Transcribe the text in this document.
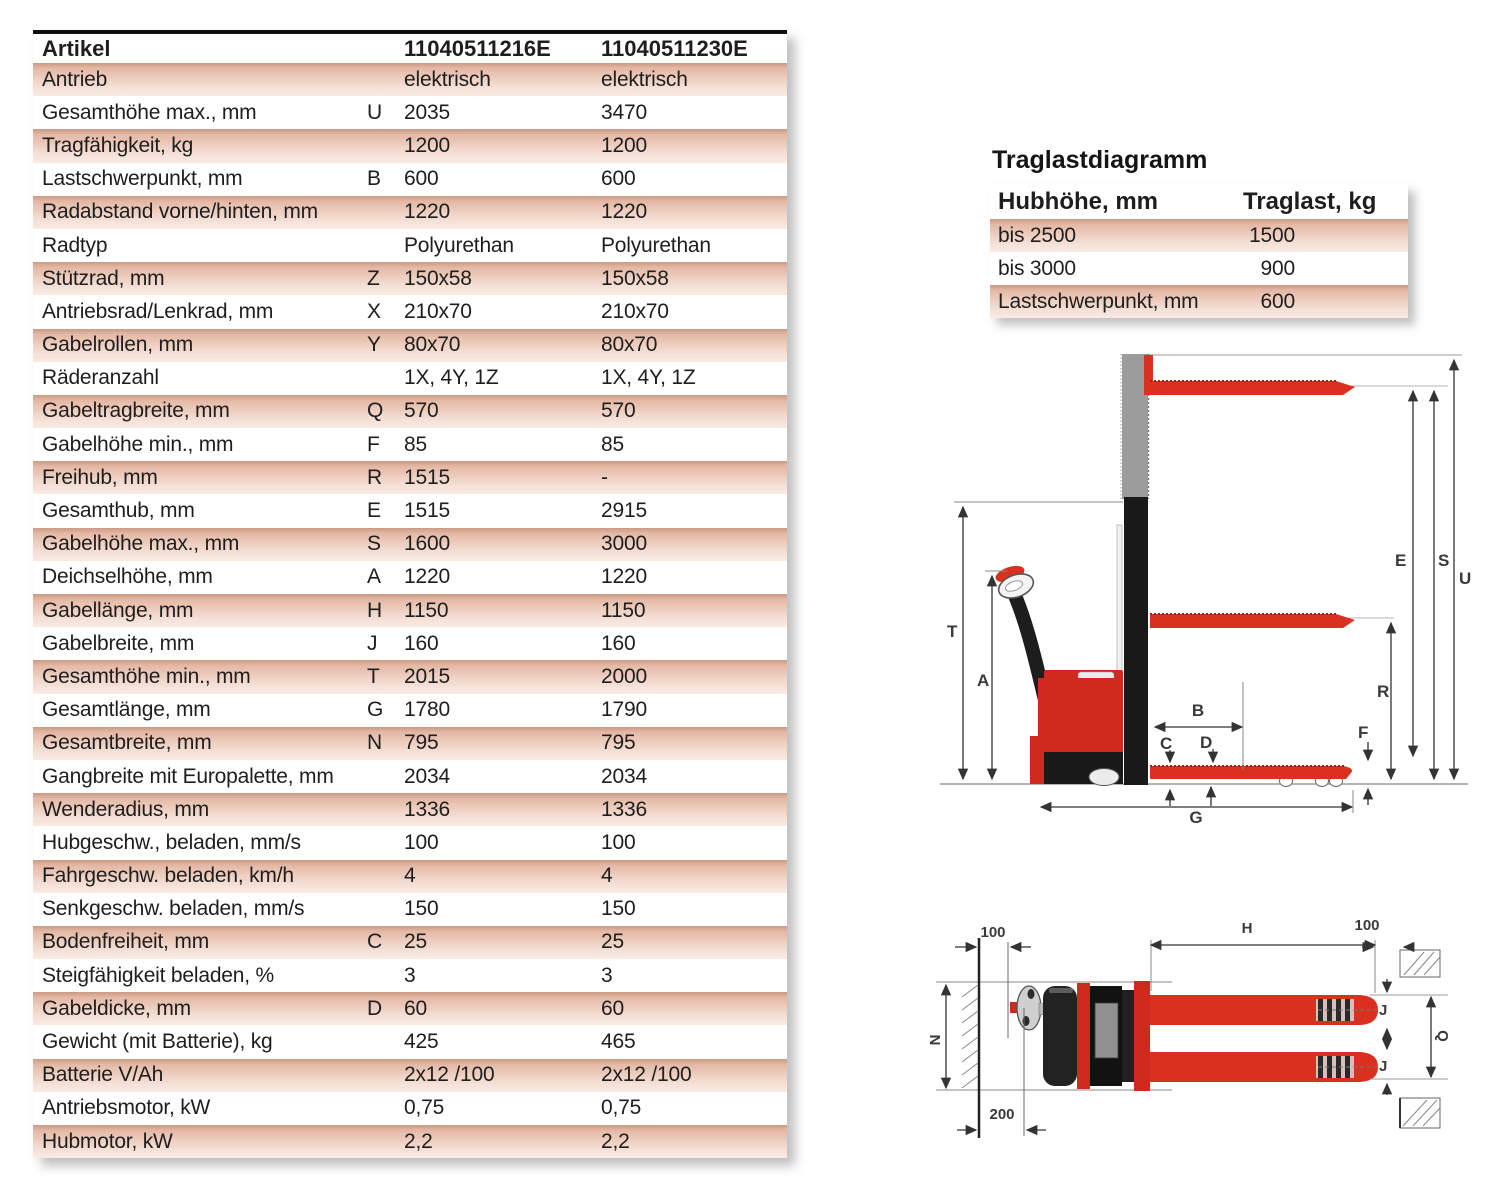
Artikel	11040511216E	11040511230E
Antrieb	elektrisch	elektrisch
Gesamthöhe max., mm	U	2035	3470
Tragfähigkeit, kg	1200	1200
Lastschwerpunkt, mm	B	600	600
Radabstand vorne/hinten, mm	1220	1220
Radtyp	Polyurethan	Polyurethan
Stützrad, mm	Z	150x58	150x58
Antriebsrad/Lenkrad, mm	X	210x70	210x70
Gabelrollen, mm	Y	80x70	80x70
Räderanzahl	1X, 4Y, 1Z	1X, 4Y, 1Z
Gabeltragbreite, mm	Q 570	570
Gabelhöhe min., mm	F	85	85
Freihub, mm	R	1515	-
Gesamthub, mm	E	1515	2915
Gabelhöhe max., mm	S	1600	3000
Deichselhöhe, mm	A	1220	1220
Gabellänge, mm	H	1150	1150
Gabelbreite, mm	J	160	160
Gesamthöhe min., mm	T	2015	2000
Gesamtlänge, mm	G 1780	1790
Gesamtbreite, mm	N	795	795
Gangbreite mit Europalette, mm	2034	2034
Wenderadius, mm	1336	1336
Hubgeschw., beladen, mm/s	100	100
Fahrgeschw. beladen, km/h	4	4
Senkgeschw. beladen, mm/s	150	150
Bodenfreiheit, mm	C	25	25
Steigfähigkeit beladen, %	3	3
Gabeldicke, mm	D	60	60
Gewicht (mit Batterie), kg	425	465
Batterie V/Ah	2x12 /100	2x12 /100
Antriebsmotor, kW	0,75	0,75
Hubmotor, kW	2,2	2,2
Traglastdiagramm
Hubhöhe, mm	Traglast, kg
bis 2500	1500
bis 3000	900
Lastschwerpunkt, mm	600
T
A
B
E S
U
R
F
C D
G
100
200
N
H	100
J
J
Q
